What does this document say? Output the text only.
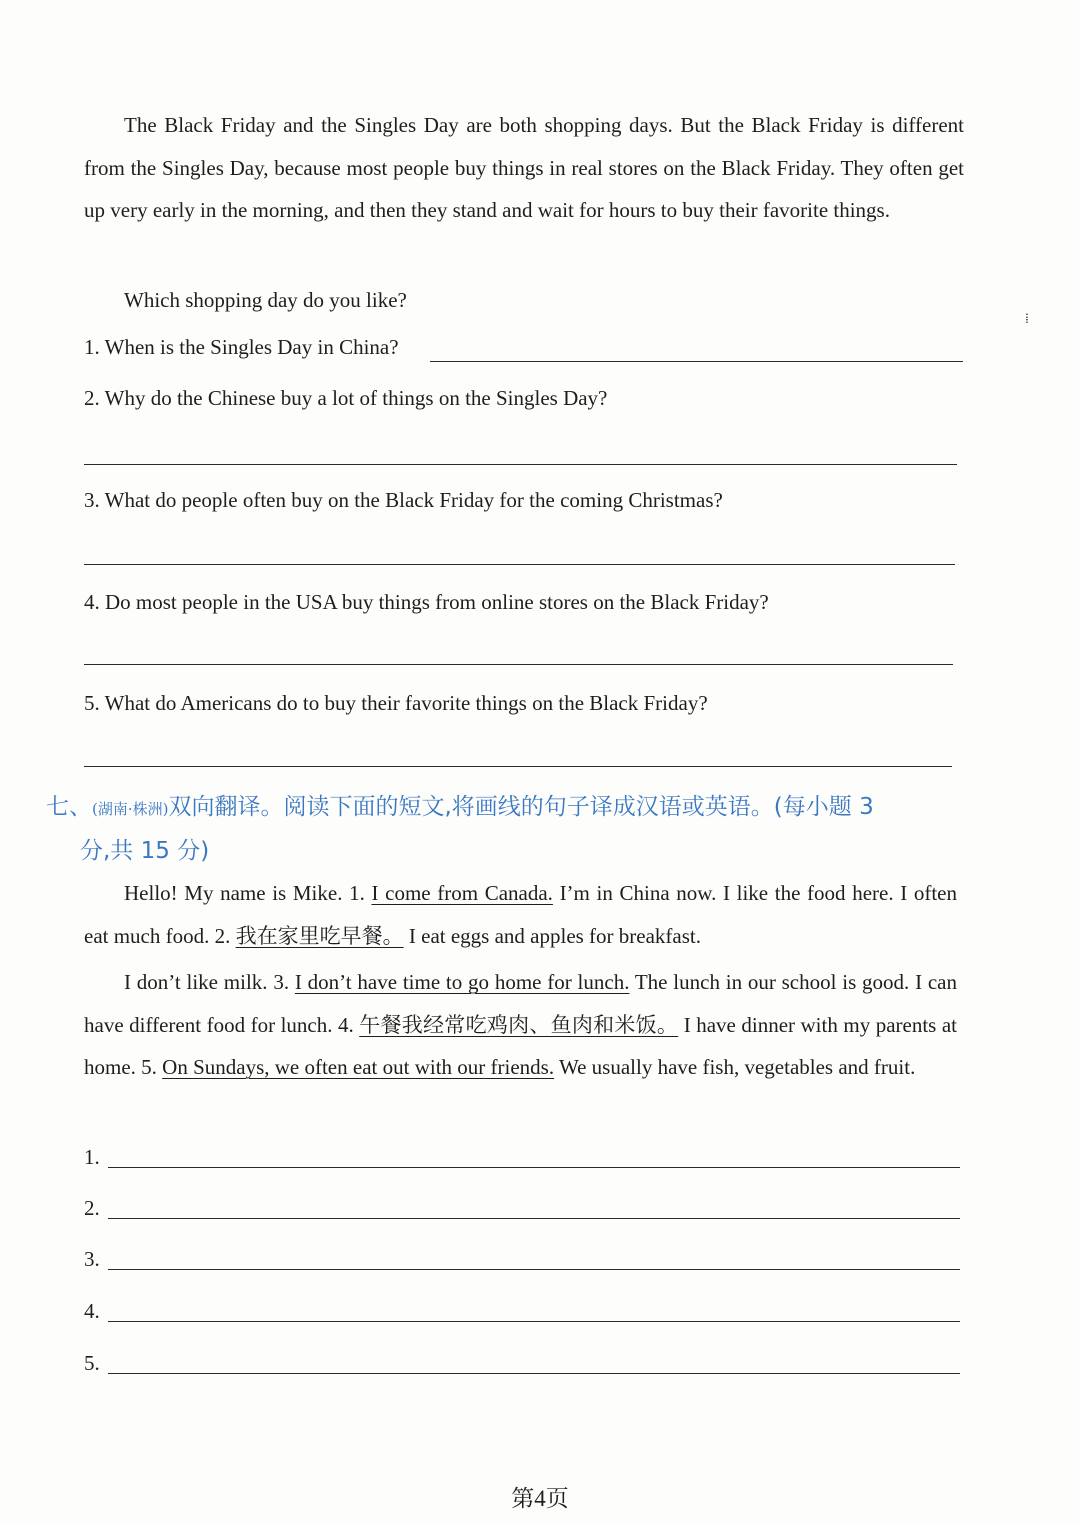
The Black Friday and the Singles Day are both shopping days. But the Black Friday is different from the Singles Day, because most people buy things in real stores on the Black Friday. They often get up very early in the morning, and then they stand and wait for hours to buy their favorite things.

Which shopping day do you like?

⁞

1. When is the Singles Day in China?

2. Why do the Chinese buy a lot of things on the Singles Day?

3. What do people often buy on the Black Friday for the coming Christmas?

4. Do most people in the USA buy things from online stores on the Black Friday?

5. What do Americans do to buy their favorite things on the Black Friday?

七、(湖南·株洲)双向翻译。阅读下面的短文,将画线的句子译成汉语或英语。(每小题 3
分,共 15 分)

Hello! My name is Mike. 1. I come from Canada. I’m in China now. I like the food here. I often eat much food. 2. 我在家里吃早餐。 I eat eggs and apples for breakfast.

I don’t like milk. 3. I don’t have time to go home for lunch. The lunch in our school is good. I can have different food for lunch. 4. 午餐我经常吃鸡肉、鱼肉和米饭。 I have dinner with my parents at home. 5. On Sundays, we often eat out with our friends. We usually have fish, vegetables and fruit.

1.
2.
3.
4.
5.
第4页
